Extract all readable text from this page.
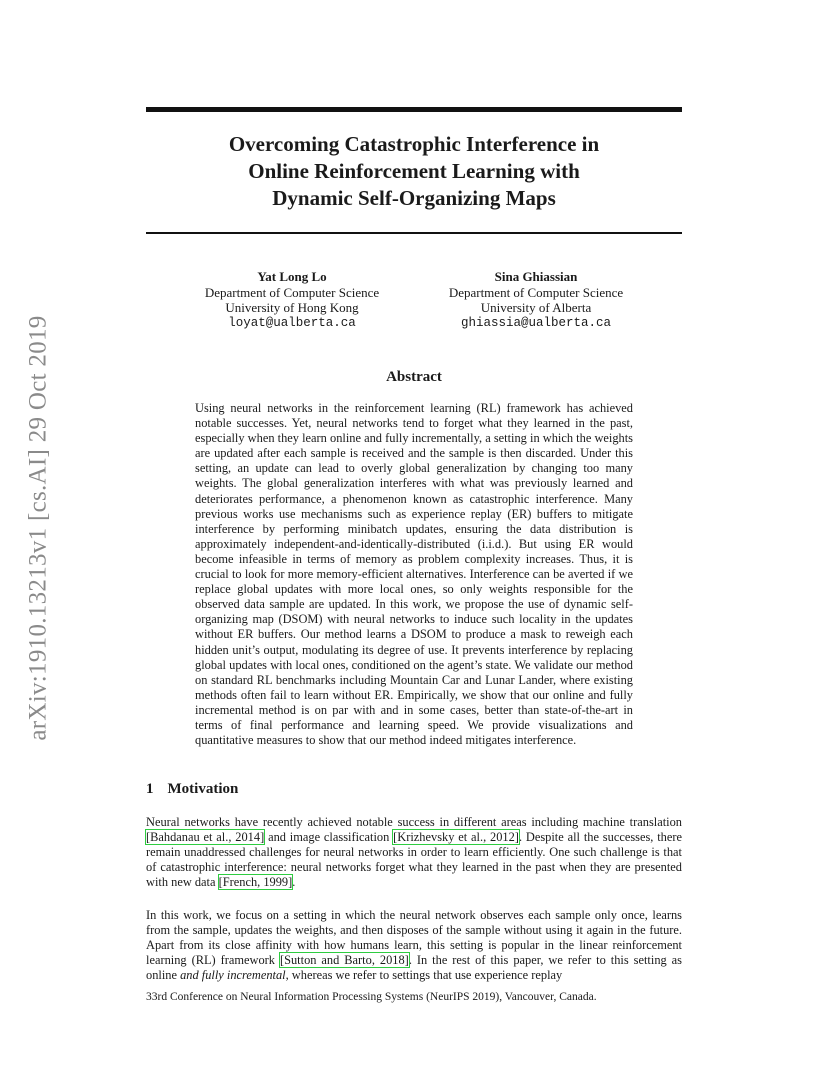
arXiv:1910.13213v1 [cs.AI] 29 Oct 2019
Overcoming Catastrophic Interference in
Online Reinforcement Learning with
Dynamic Self-Organizing Maps
Yat Long Lo
Department of Computer Science
University of Hong Kong
loyat@ualberta.ca
Sina Ghiassian
Department of Computer Science
University of Alberta
ghiassia@ualberta.ca
Abstract

Using neural networks in the reinforcement learning (RL) framework has achieved notable successes. Yet, neural networks tend to forget what they learned in the past, especially when they learn online and fully incrementally, a setting in which the weights are updated after each sample is received and the sample is then discarded. Under this setting, an update can lead to overly global generalization by changing too many weights. The global generalization interferes with what was previously learned and deteriorates performance, a phenomenon known as catastrophic interference. Many previous works use mechanisms such as experience replay (ER) buffers to mitigate interference by performing minibatch updates, ensuring the data distribution is approximately independent-and-identically-distributed (i.i.d.). But using ER would become infeasible in terms of memory as problem complexity increases. Thus, it is crucial to look for more memory-efficient alternatives. Interference can be averted if we replace global updates with more local ones, so only weights responsible for the observed data sample are updated. In this work, we propose the use of dynamic self-organizing map (DSOM) with neural networks to induce such locality in the updates without ER buffers. Our method learns a DSOM to produce a mask to reweigh each hidden unit’s output, modulating its degree of use. It prevents interference by replacing global updates with local ones, conditioned on the agent’s state. We validate our method on standard RL benchmarks including Mountain Car and Lunar Lander, where existing methods often fail to learn without ER. Empirically, we show that our online and fully incremental method is on par with and in some cases, better than state-of-the-art in terms of final performance and learning speed. We provide visualizations and quantitative measures to show that our method indeed mitigates interference.

1 Motivation

Neural networks have recently achieved notable success in different areas including machine translation [Bahdanau et al., 2014] and image classification [Krizhevsky et al., 2012]. Despite all the successes, there remain unaddressed challenges for neural networks in order to learn efficiently. One such challenge is that of catastrophic interference: neural networks forget what they learned in the past when they are presented with new data [French, 1999].

In this work, we focus on a setting in which the neural network observes each sample only once, learns from the sample, updates the weights, and then disposes of the sample without using it again in the future. Apart from its close affinity with how humans learn, this setting is popular in the linear reinforcement learning (RL) framework [Sutton and Barto, 2018]. In the rest of this paper, we refer to this setting as online and fully incremental, whereas we refer to settings that use experience replay

33rd Conference on Neural Information Processing Systems (NeurIPS 2019), Vancouver, Canada.
